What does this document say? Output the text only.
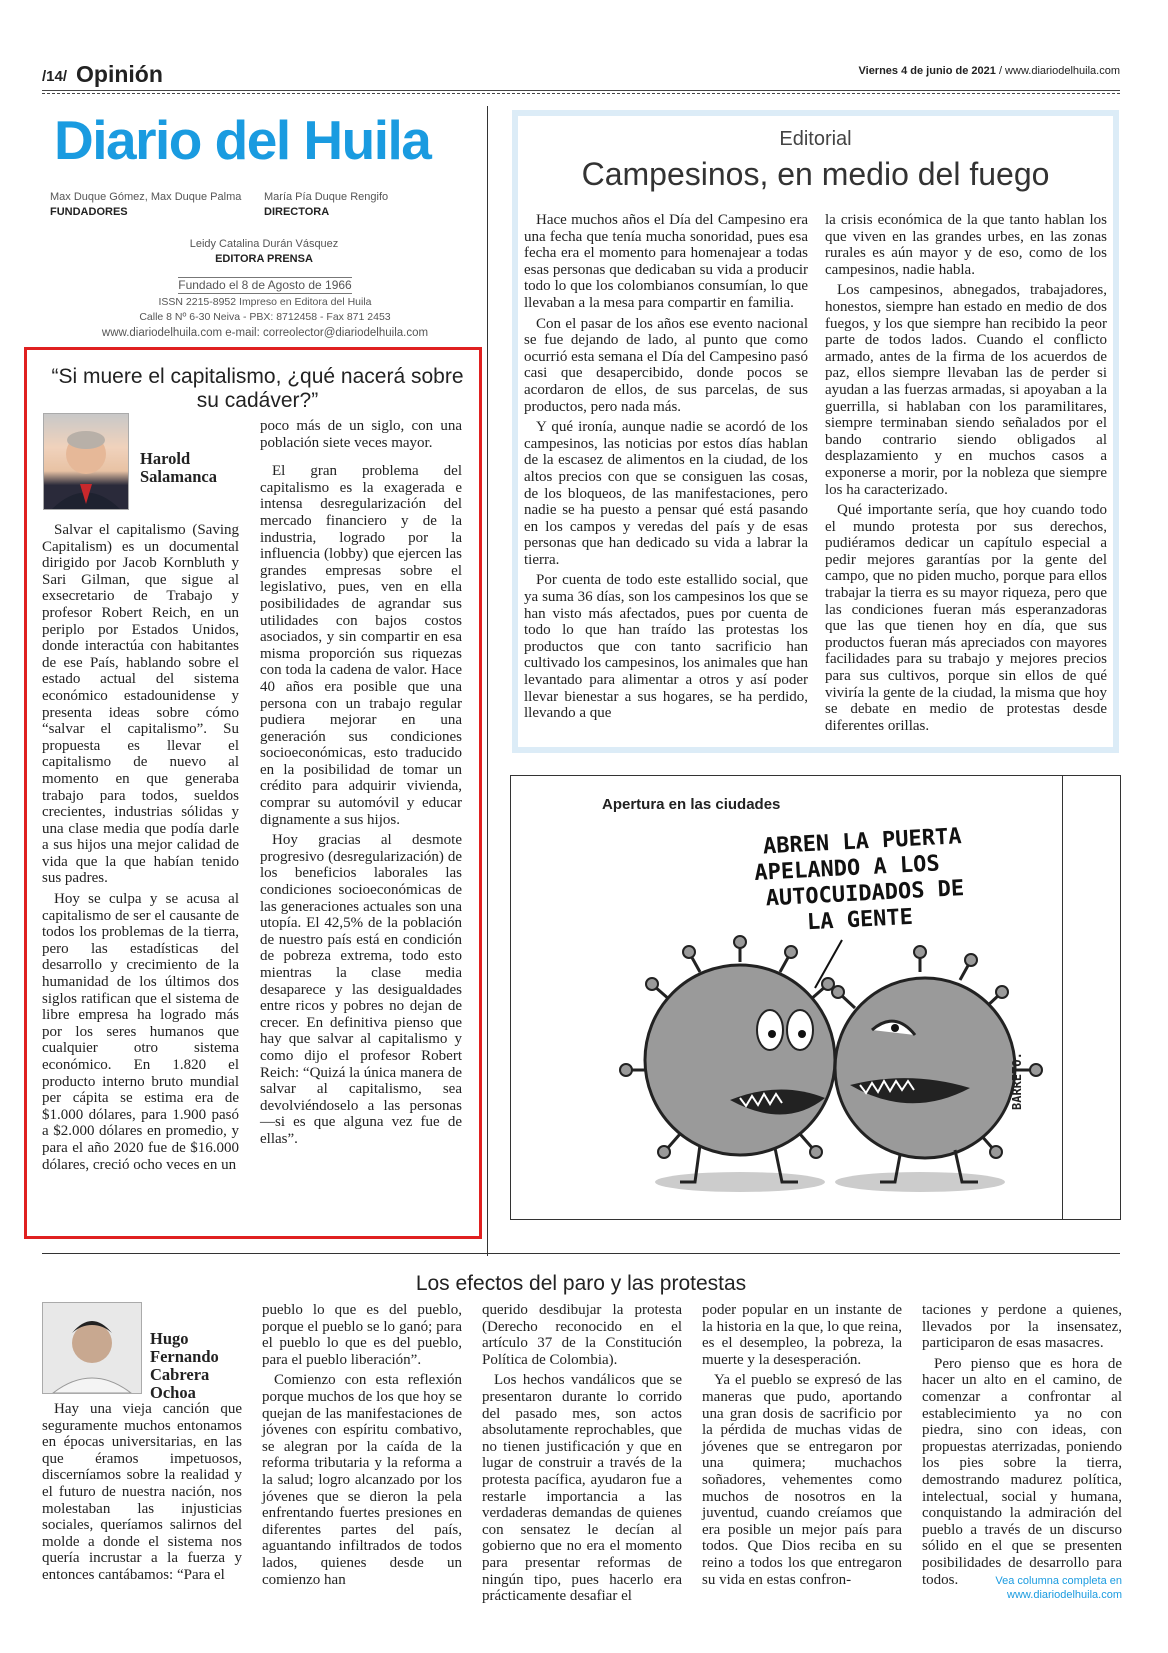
/14/ Opinión	Viernes 4 de junio de 2021 / www.diariodelhuila.com
Diario del Huila
Max Duque Gómez, Max Duque Palma
FUNDADORES
María Pía Duque Rengifo
DIRECTORA
Leidy Catalina Durán Vásquez
EDITORA PRENSA
Fundado el 8 de Agosto de 1966
ISSN 2215-8952 Impreso en Editora del Huila
Calle 8 Nº 6-30 Neiva - PBX: 8712458 - Fax 871 2453
www.diariodelhuila.com e-mail: correolector@diariodelhuila.com
“Si muere el capitalismo, ¿qué nacerá sobre su cadáver?”
Harold
Salamanca

Salvar el capitalismo (Saving Capitalism) es un documental dirigido por Jacob Kornbluth y Sari Gilman, que sigue al exsecretario de Trabajo y profesor Robert Reich, en un periplo por Estados Unidos, donde interactúa con habitantes de ese País, hablando sobre el estado actual del sistema económico estadounidense y presenta ideas sobre cómo “salvar el capitalismo”. Su propuesta es llevar el capitalismo de nuevo al momento en que generaba trabajo para todos, sueldos crecientes, industrias sólidas y una clase media que podía darle a sus hijos una mejor calidad de vida que la que habían tenido sus padres.

Hoy se culpa y se acusa al capitalismo de ser el causante de todos los problemas de la tierra, pero las estadísticas del desarrollo y crecimiento de la humanidad de los últimos dos siglos ratifican que el sistema de libre empresa ha logrado más por los seres humanos que cualquier otro sistema económico. En 1.820 el producto interno bruto mundial per cápita se estima era de $1.000 dólares, para 1.900 pasó a $2.000 dólares en promedio, y para el año 2020 fue de $16.000 dólares, creció ocho veces en un

poco más de un siglo, con una población siete veces mayor.

El gran problema del capitalismo es la exagerada e intensa desregularización del mercado financiero y de la industria, logrado por la influencia (lobby) que ejercen las grandes empresas sobre el legislativo, pues, ven en ella posibilidades de agrandar sus utilidades con bajos costos asociados, y sin compartir en esa misma proporción sus riquezas con toda la cadena de valor. Hace 40 años era posible que una persona con un trabajo regular pudiera mejorar en una generación sus condiciones socioeconómicas, esto traducido en la posibilidad de tomar un crédito para adquirir vivienda, comprar su automóvil y educar dignamente a sus hijos.

Hoy gracias al desmote progresivo (desregularización) de los beneficios laborales las condiciones socioeconómicas de las generaciones actuales son una utopía. El 42,5% de la población de nuestro país está en condición de pobreza extrema, todo esto mientras la clase media desaparece y las desigualdades entre ricos y pobres no dejan de crecer. En definitiva pienso que hay que salvar al capitalismo y como dijo el profesor Robert Reich: “Quizá la única manera de salvar al capitalismo, sea devolviéndoselo a las personas —si es que alguna vez fue de ellas”.

Editorial
Campesinos, en medio del fuego

Hace muchos años el Día del Campesino era una fecha que tenía mucha sonoridad, pues esa fecha era el momento para homenajear a todas esas personas que dedicaban su vida a producir todo lo que los colombianos consumían, lo que llevaban a la mesa para compartir en familia.

Con el pasar de los años ese evento nacional se fue dejando de lado, al punto que como ocurrió esta semana el Día del Campesino pasó casi que desapercibido, donde pocos se acordaron de ellos, de sus parcelas, de sus productos, pero nada más.

Y qué ironía, aunque nadie se acordó de los campesinos, las noticias por estos días hablan de la escasez de alimentos en la ciudad, de los altos precios con que se consiguen las cosas, de los bloqueos, de las manifestaciones, pero nadie se ha puesto a pensar qué está pasando en los campos y veredas del país y de esas personas que han dedicado su vida a labrar la tierra.

Por cuenta de todo este estallido social, que ya suma 36 días, son los campesinos los que se han visto más afectados, pues por cuenta de todo lo que han traído las protestas los productos que con tanto sacrificio han cultivado los campesinos, los animales que han levantado para alimentar a otros y así poder llevar bienestar a sus hogares, se ha perdido, llevando a que

la crisis económica de la que tanto hablan los que viven en las grandes urbes, en las zonas rurales es aún mayor y de eso, como de los campesinos, nadie habla.

Los campesinos, abnegados, trabajadores, honestos, siempre han estado en medio de dos fuegos, y los que siempre han recibido la peor parte de todos lados. Cuando el conflicto armado, antes de la firma de los acuerdos de paz, ellos siempre llevaban las de perder si ayudan a las fuerzas armadas, si apoyaban a la guerrilla, si hablaban con los paramilitares, siempre terminaban siendo señalados por el bando contrario siendo obligados al desplazamiento y en muchos casos a exponerse a morir, por la nobleza que siempre los ha caracterizado.

Qué importante sería, que hoy cuando todo el mundo protesta por sus derechos, pudiéramos dedicar un capítulo especial a pedir mejores garantías por la gente del campo, que no piden mucho, porque para ellos trabajar la tierra es su mayor riqueza, pero que las condiciones fueran más esperanzadoras que las que tienen hoy en día, que sus productos fueran más apreciados con mayores facilidades para su trabajo y mejores precios para sus cultivos, porque sin ellos de qué viviría la gente de la ciudad, la misma que hoy se debate en medio de protestas desde diferentes orillas.

Apertura en las ciudades
ABREN LA PUERTA
APELANDO A LOS
AUTOCUIDADOS DE
LA GENTE
BARRETO.
Los efectos del paro y las protestas
Hugo
Fernando
Cabrera
Ochoa

Hay una vieja canción que seguramente muchos entonamos en épocas universitarias, en las que éramos impetuosos, discerníamos sobre la realidad y el futuro de nuestra nación, nos molestaban las injusticias sociales, queríamos salirnos del molde a donde el sistema nos quería incrustar a la fuerza y entonces cantábamos: “Para el

pueblo lo que es del pueblo, porque el pueblo se lo ganó; para el pueblo lo que es del pueblo, para el pueblo liberación”.

Comienzo con esta reflexión porque muchos de los que hoy se quejan de las manifestaciones de jóvenes con espíritu combativo, se alegran por la caída de la reforma tributaria y la reforma a la salud; logro alcanzado por los jóvenes que se dieron la pela enfrentando fuertes presiones en diferentes partes del país, aguantando infiltrados de todos lados, quienes desde un comienzo han

querido desdibujar la protesta (Derecho reconocido en el artículo 37 de la Constitución Política de Colombia).

Los hechos vandálicos que se presentaron durante lo corrido del pasado mes, son actos absolutamente reprochables, que no tienen justificación y que en lugar de construir a través de la protesta pacífica, ayudaron fue a restarle importancia a las verdaderas demandas de quienes con sensatez le decían al gobierno que no era el momento para presentar reformas de ningún tipo, pues hacerlo era prácticamente desafiar el

poder popular en un instante de la historia en la que, lo que reina, es el desempleo, la pobreza, la muerte y la desesperación.

Ya el pueblo se expresó de las maneras que pudo, aportando una gran dosis de sacrificio por la pérdida de muchas vidas de jóvenes que se entregaron por una quimera; muchachos soñadores, vehementes como muchos de nosotros en la juventud, cuando creíamos que era posible un mejor país para todos. Que Dios reciba en su reino a todos los que entregaron su vida en estas confron-

taciones y perdone a quienes, llevados por la insensatez, participaron de esas masacres.

Pero pienso que es hora de hacer un alto en el camino, de comenzar a confrontar al establecimiento ya no con piedra, sino con ideas, con propuestas aterrizadas, poniendo los pies sobre la tierra, demostrando madurez política, intelectual, social y humana, conquistando la admiración del pueblo a través de un discurso sólido en el que se presenten posibilidades de desarrollo para todos.	Vea columna completa en
www.diariodelhuila.com
